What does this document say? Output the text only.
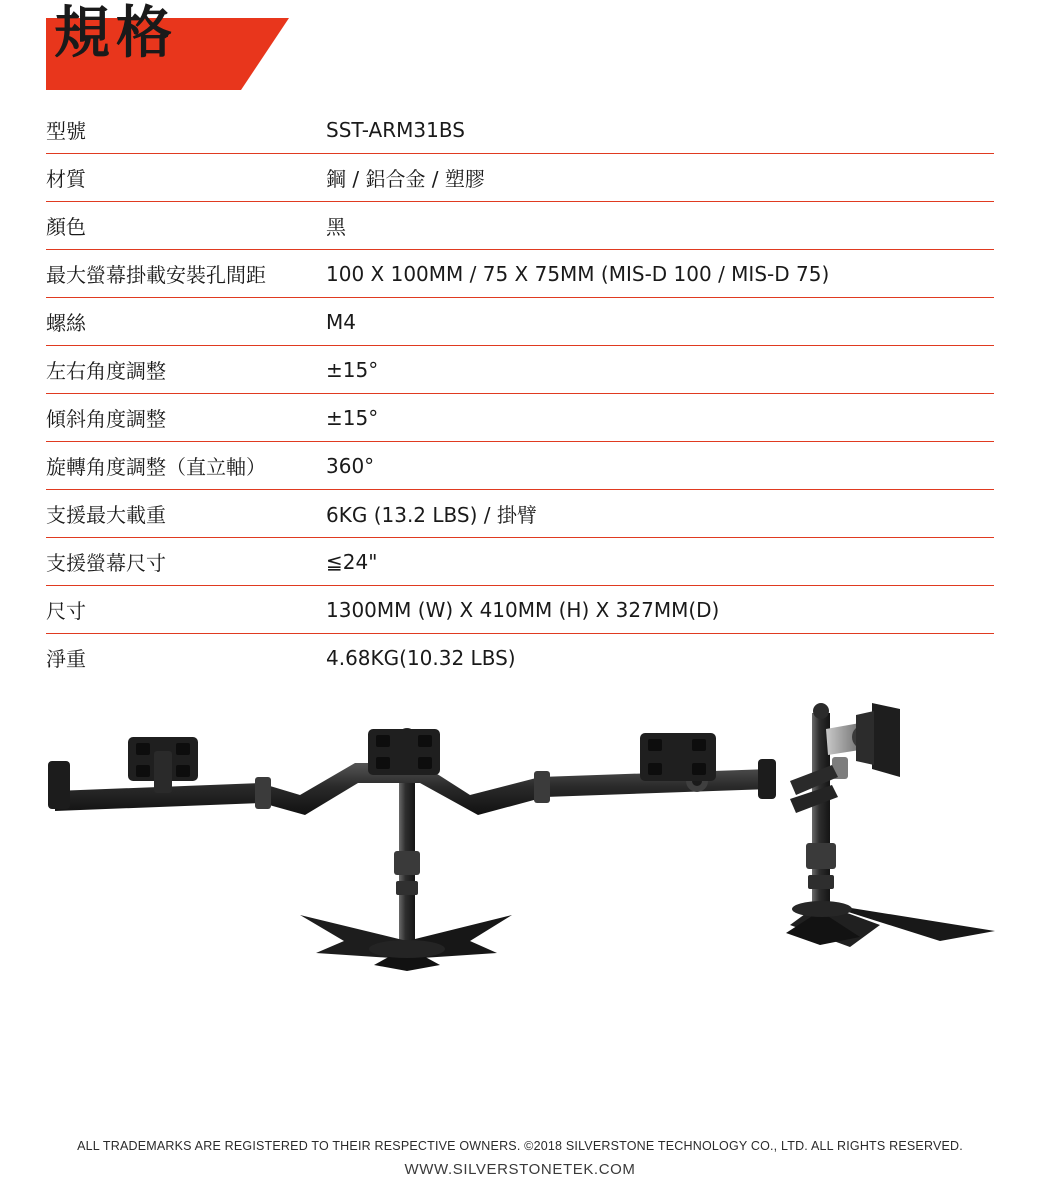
規格
型號	SST-ARM31BS
材質	鋼 / 鋁合金 / 塑膠
顏色	黑
最大螢幕掛載安裝孔間距	100 X 100MM / 75 X 75MM (MIS-D 100 / MIS-D 75)
螺絲	M4
左右角度調整	±15°
傾斜角度調整	±15°
旋轉角度調整（直立軸）	360°
支援最大載重	6KG (13.2 LBS) / 掛臂
支援螢幕尺寸	≦24"
尺寸	1300MM (W) X 410MM (H) X 327MM(D)
淨重	4.68KG(10.32 LBS)
ALL TRADEMARKS ARE REGISTERED TO THEIR RESPECTIVE OWNERS. ©2018 SILVERSTONE TECHNOLOGY CO., LTD. ALL RIGHTS RESERVED.
WWW.SILVERSTONETEK.COM
